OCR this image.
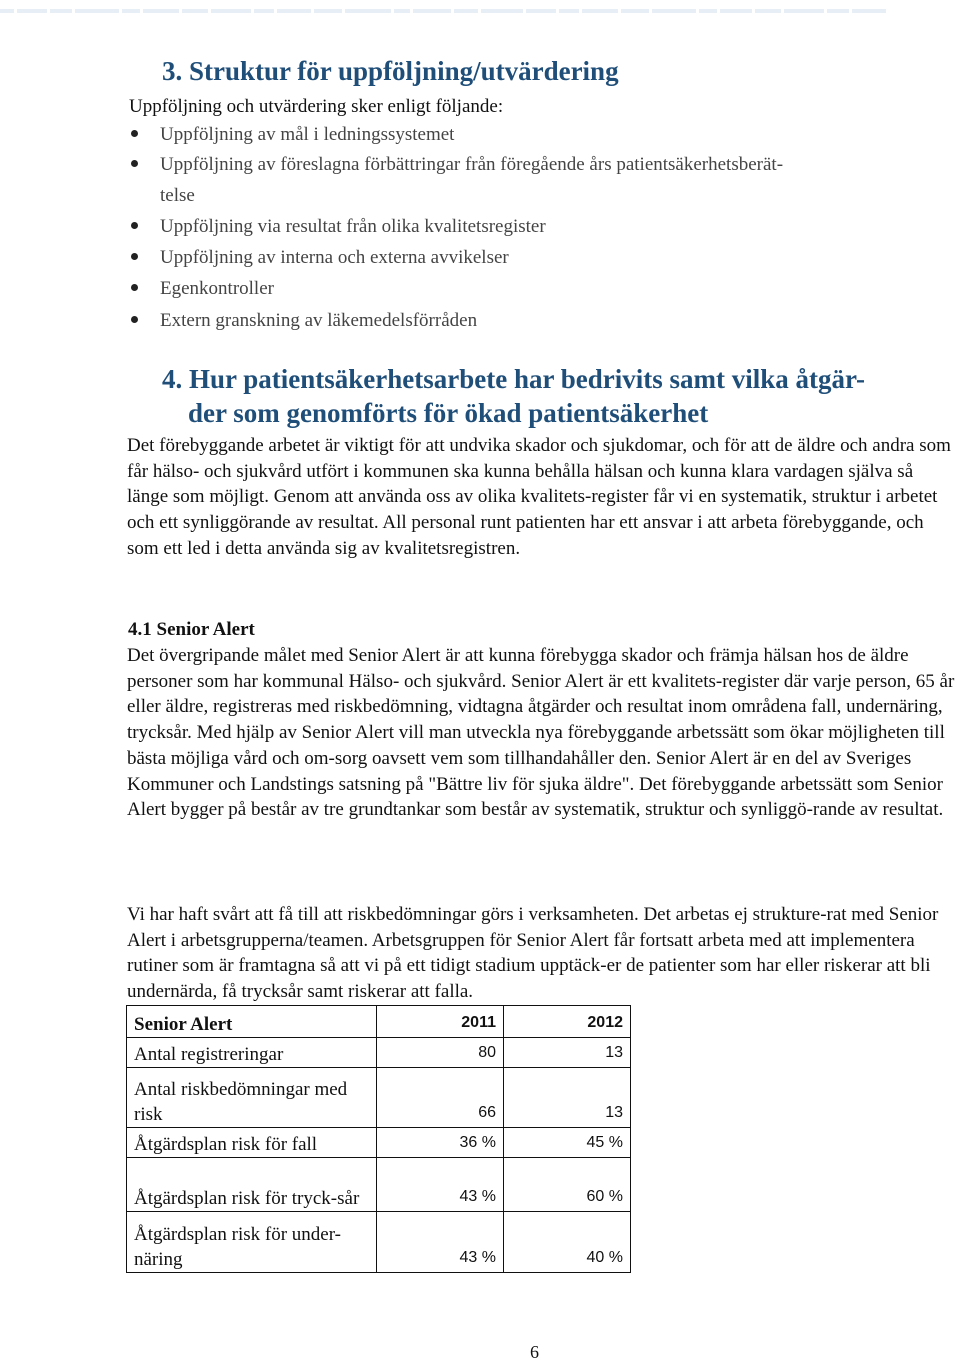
3. Struktur för uppföljning/utvärdering

Uppföljning och utvärdering sker enligt följande:

Uppföljning av mål i ledningssystemet
Uppföljning av föreslagna förbättringar från föregående års patientsäkerhetsberät-
telse
Uppföljning via resultat från olika kvalitetsregister
Uppföljning av interna och externa avvikelser
Egenkontroller
Extern granskning av läkemedelsförråden
4. Hur patientsäkerhetsarbete har bedrivits samt vilka åtgär-
der som genomförts för ökad patientsäkerhet

Det förebyggande arbetet är viktigt för att undvika skador och sjukdomar, och för att de äldre och andra som får hälso- och sjukvård utfört i kommunen ska kunna behålla hälsan och kunna klara vardagen själva så länge som möjligt. Genom att använda oss av olika kvalitets-register får vi en systematik, struktur i arbetet och ett synliggörande av resultat. All personal runt patienten har ett ansvar i att arbeta förebyggande, och som ett led i detta använda sig av kvalitetsregistren.

4.1 Senior Alert

Det övergripande målet med Senior Alert är att kunna förebygga skador och främja hälsan hos de äldre personer som har kommunal Hälso- och sjukvård. Senior Alert är ett kvalitets-register där varje person, 65 år eller äldre, registreras med riskbedömning, vidtagna åtgärder och resultat inom områdena fall, undernäring, trycksår. Med hjälp av Senior Alert vill man utveckla nya förebyggande arbetssätt som ökar möjligheten till bästa möjliga vård och om-sorg oavsett vem som tillhandahåller den. Senior Alert är en del av Sveriges Kommuner och Landstings satsning på "Bättre liv för sjuka äldre". Det förebyggande arbetssätt som Senior Alert bygger på består av tre grundtankar som består av systematik, struktur och synliggö-rande av resultat.

Vi har haft svårt att få till att riskbedömningar görs i verksamheten. Det arbetas ej strukture-rat med Senior Alert i arbetsgrupperna/teamen. Arbetsgruppen för Senior Alert får fortsatt arbeta med att implementera rutiner som är framtagna så att vi på ett tidigt stadium upptäck-er de patienter som har eller riskerar att bli undernärda, få trycksår samt riskerar att falla.

Senior Alert	2011	2012
Antal registreringar	80	13
Antal riskbedömningar med risk	66	13
Åtgärdsplan risk för fall	36 %	45 %
Åtgärdsplan risk för tryck-sår	43 %	60 %
Åtgärdsplan risk för under-näring	43 %	40 %
6
